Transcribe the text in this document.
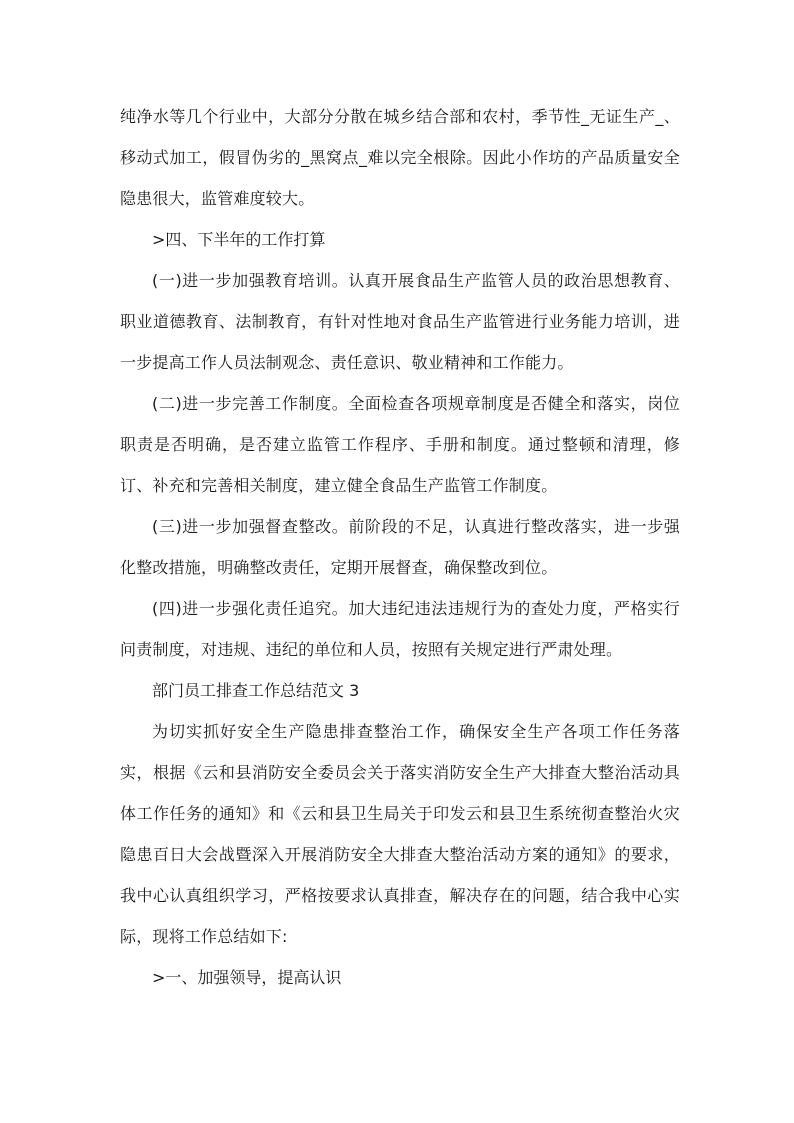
纯净水等几个行业中，大部分分散在城乡结合部和农村，季节性_无证生产_、移动式加工，假冒伪劣的_黑窝点_难以完全根除。因此小作坊的产品质量安全隐患很大，监管难度较大。

>四、下半年的工作打算

(一)进一步加强教育培训。认真开展食品生产监管人员的政治思想教育、职业道德教育、法制教育，有针对性地对食品生产监管进行业务能力培训，进一步提高工作人员法制观念、责任意识、敬业精神和工作能力。

(二)进一步完善工作制度。全面检查各项规章制度是否健全和落实，岗位职责是否明确，是否建立监管工作程序、手册和制度。通过整顿和清理，修订、补充和完善相关制度，建立健全食品生产监管工作制度。

(三)进一步加强督查整改。前阶段的不足，认真进行整改落实，进一步强化整改措施，明确整改责任，定期开展督查，确保整改到位。

(四)进一步强化责任追究。加大违纪违法违规行为的查处力度，严格实行问责制度，对违规、违纪的单位和人员，按照有关规定进行严肃处理。

部门员工排查工作总结范文 3

为切实抓好安全生产隐患排查整治工作，确保安全生产各项工作任务落实，根据《云和县消防安全委员会关于落实消防安全生产大排查大整治活动具体工作任务的通知》和《云和县卫生局关于印发云和县卫生系统彻查整治火灾隐患百日大会战暨深入开展消防安全大排查大整治活动方案的通知》的要求，我中心认真组织学习，严格按要求认真排查，解决存在的问题，结合我中心实际，现将工作总结如下:

>一、加强领导，提高认识
